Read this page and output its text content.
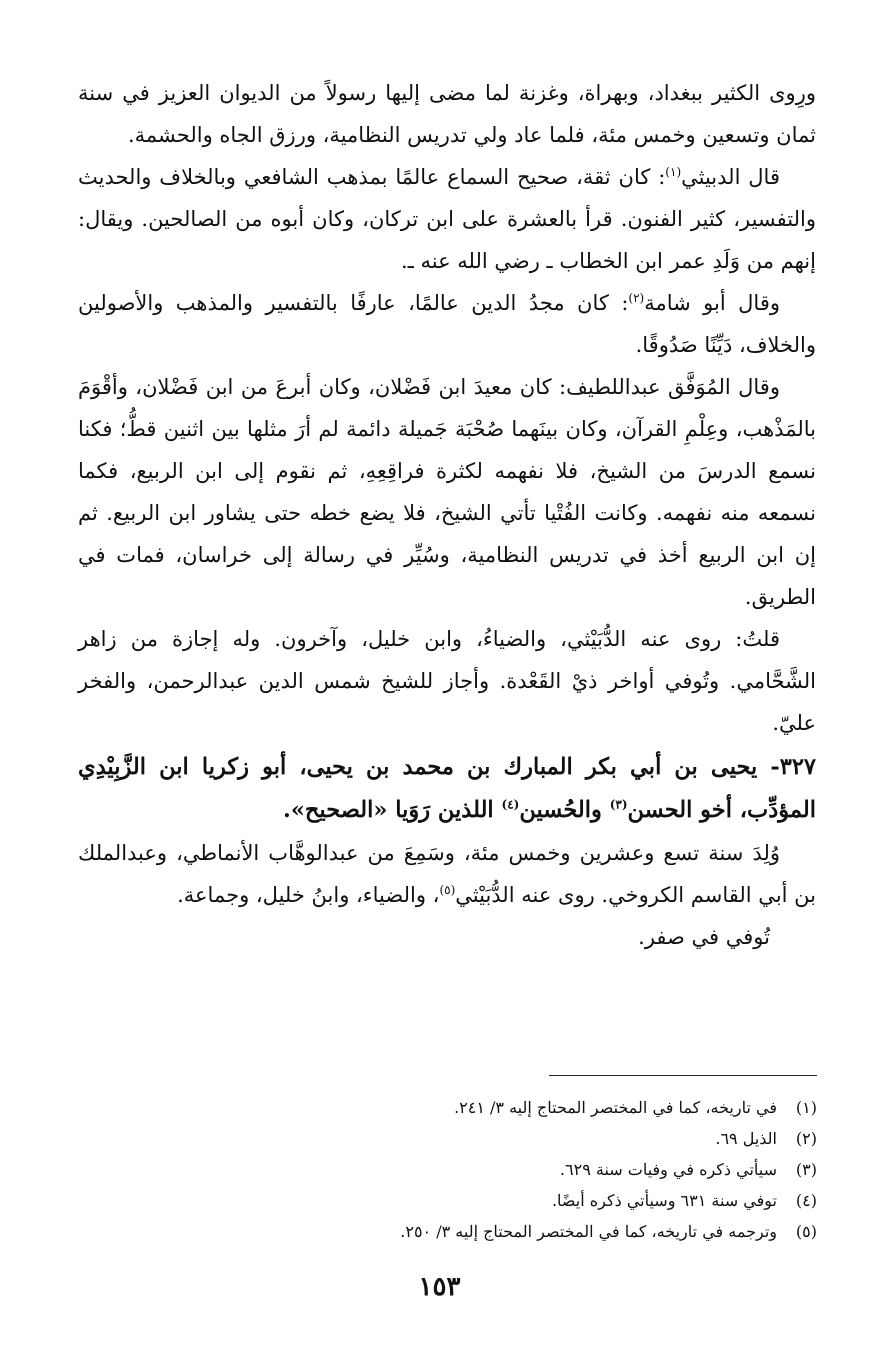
ورِوى الكثير ببغداد، وبهراة، وغزنة لما مضى إليها رسولاً من الديوان العزيز في سنة ثمان وتسعين وخمس مئة، فلما عاد ولي تدريس النظامية، ورزق الجاه والحشمة.

قال الدبيثي$^{(١)}$: كان ثقة، صحيح السماع عالمًا بمذهب الشافعي وبالخلاف والحديث والتفسير، كثير الفنون. قرأ بالعشرة على ابن تركان، وكان أبوه من الصالحين. ويقال: إنهم من وَلَدِ عمر ابن الخطاب ـ رضي الله عنه ـ.

وقال أبو شامة$^{(٢)}$: كان مجدُ الدين عالمًا، عارفًا بالتفسير والمذهب والأصولين والخلاف، دَيِّنًا صَدُوقًا.

وقال المُوَفَّق عبداللطيف: كان معيدَ ابن فَضْلان، وكان أبرعَ من ابن فَضْلان، وأقْوَمَ بالمَذْهب، وعِلْمِ القرآن، وكان بينَهما صُحْبَة جَميلة دائمة لم أرَ مثلها بين اثنين قطُّ؛ فكنا نسمع الدرسَ من الشيخ، فلا نفهمه لكثرة فراقِعِهِ، ثم نقوم إلى ابن الربيع، فكما نسمعه منه نفهمه. وكانت الفُتْيا تأتي الشيخ، فلا يضع خطه حتى يشاور ابن الربيع. ثم إن ابن الربيع أخذ في تدريس النظامية، وسُيِّر في رسالة إلى خراسان، فمات في الطريق.

قلتُ: روى عنه الدُّبَيْثي، والضياءُ، وابن خليل، وآخرون. وله إجازة من زاهر الشَّحَّامي. وتُوفي أواخر ذيْ القَعْدة. وأجاز للشيخ شمس الدين عبدالرحمن، والفخر عليّ.

٣٢٧- يحيى بن أبي بكر المبارك بن محمد بن يحيى، أبو زكريا ابن الزَّبِيْدِي المؤدِّب، أخو الحسن$^{(٣)}$ والحُسين$^{(٤)}$ اللذين رَوَيا «الصحيح».

وُلِدَ سنة تسع وعشرين وخمس مئة، وسَمِعَ من عبدالوهَّاب الأنماطي، وعبدالملك بن أبي القاسم الكروخي. روى عنه الدُّبَيْثي$^{(٥)}$، والضياء، وابنُ خليل، وجماعة.

تُوفي في صفر.

(١)في تاريخه، كما في المختصر المحتاج إليه ٣/ ٢٤١.
(٢)الذيل ٦٩.
(٣)سيأتي ذكره في وفيات سنة ٦٢٩.
(٤)توفي سنة ٦٣١ وسيأتي ذكره أيضًا.
(٥)وترجمه في تاريخه، كما في المختصر المحتاج إليه ٣/ ٢٥٠.
١٥٣
